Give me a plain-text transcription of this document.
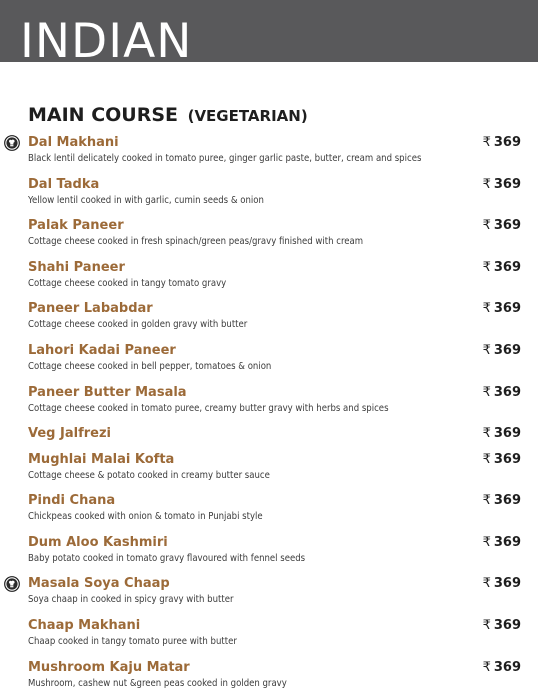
INDIAN
MAIN COURSE (VEGETARIAN)
Dal Makhani	₹ 369
Black lentil delicately cooked in tomato puree, ginger garlic paste, butter, cream and spices
Dal Tadka	₹ 369
Yellow lentil cooked in with garlic, cumin seeds & onion
Palak Paneer	₹ 369
Cottage cheese cooked in fresh spinach/green peas/gravy finished with cream
Shahi Paneer	₹ 369
Cottage cheese cooked in tangy tomato gravy
Paneer Lababdar	₹ 369
Cottage cheese cooked in golden gravy with butter
Lahori Kadai Paneer	₹ 369
Cottage cheese cooked in bell pepper, tomatoes & onion
Paneer Butter Masala	₹ 369
Cottage cheese cooked in tomato puree, creamy butter gravy with herbs and spices
Veg Jalfrezi	₹ 369
Mughlai Malai Kofta	₹ 369
Cottage cheese & potato cooked in creamy butter sauce
Pindi Chana	₹ 369
Chickpeas cooked with onion & tomato in Punjabi style
Dum Aloo Kashmiri	₹ 369
Baby potato cooked in tomato gravy flavoured with fennel seeds
Masala Soya Chaap	₹ 369
Soya chaap in cooked in spicy gravy with butter
Chaap Makhani	₹ 369
Chaap cooked in tangy tomato puree with butter
Mushroom Kaju Matar	₹ 369
Mushroom, cashew nut &green peas cooked in golden gravy
